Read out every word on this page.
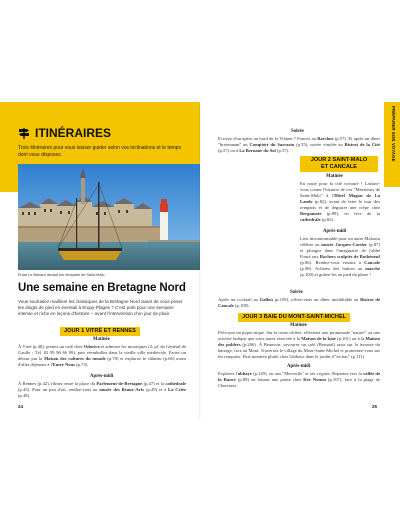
ITINÉRAIRES
Trois itinéraires pour vous laisser guider selon vos inclinations et le temps dont vous disposez.
Entre Le Bénard devant les remparts de Saint-Malo
Une semaine en Bretagne Nord
Vous souhaitez mailliner les classiques de la Bretagne Nord avant de vous poser les doigts de pied en éventail à Erquy-Plages ? C'est parti pour une semaine intense et riche en leçons d'histoire – avant l'intervention d'un jour de pluie.
JOUR 1 VITRÉ ET RENNES
Matinée
À Vitré (p.48), prenez un café chez Odorico et admirez les mosaïques (2, pl. du Général de Gaulle ; Tél. 02 99 96 66 99), puis réembullez dans la vieille ville médiévale. Faites un détour par la Maison des cultures du monde (p.70) et explorez le château (p.66) avant d'aller déjeuner à l'Entre Nous (p.73).
Après-midi
À Rennes (p.42), filmez entre la place du Parlement-de-Bretagne (p.47) et la cathédrale (p.45). Pour un peu d'art, rendez-vous au musée des Beaux-Arts (p.49) et à La Criée (p.48).
24
PRÉPARER SON VOYAGE
Soirée
Ecrivez d'un apéro au bord de la Vilaine ? Foncez au Barchus (p.57). Et après un dîner "bretonnant" au Comptoir du Sarrasin (p.55), soirée vinylée au Bistrot de la Cité (p.57) ou à La Bernane du Sol (p.57).
JOUR 2 SAINT-MALO
ET CANCALE
Matinée
En route pour la cité corsaire ! Laissez-vous conter l'histoire de ces "Messieurs de Saint-Malo" à l'Hôtel Magon de La Lande (p.82), avant de faire le tour des remparts et de déguster une crêpe chez Bergamote (p.89), en face de la cathédrale (p.82).
Après-midi
Lieu incontournable pour un autre Malouin célèbre au musée Jacques-Cartier (p.87) et plongez dans l'imaginaire de l'abbé Fouré aux Rochers sculptés de Rothéneuf (p.86). Rendez-vous ensuite à Cancale (p.98). Achetez des huîtres au marché (p.100) et gobez-les au pied du phare !
Soirée
Après un cocktail au Gallon (p.109), offrez-vous un dîner inoubliable au Bistrot de Cancale (p.108).
JOUR 3 BAIE DU MONT-SAINT-MICHEL
Matinée
Prévoyez un pique-nique. Sur la route côtière, effectuez une promenade "nature" ou une activité ludique que vous aurez réservée à la Maison de la baie (p.101) ou à la Maison des polders (p.206). À Beauvoir, savourez un café (Bernard) assis sur la terrasse du barrage, face au Mont. Traversez le village du Mont-Saint-Michel et promenez-vous sur les remparts. Puis montrez plutôt chez l'abbaye dans le jardin d'"en bas" (p.111).
Après-midi
Explorez l'abbaye (p.120), ou aux "Merveille" et ses cryptes. Repartez vers la vallée de la Rance (p.88) en faisant une pause chez Ker Nouna (p.107), face à la plage de Cherrueix.
25
